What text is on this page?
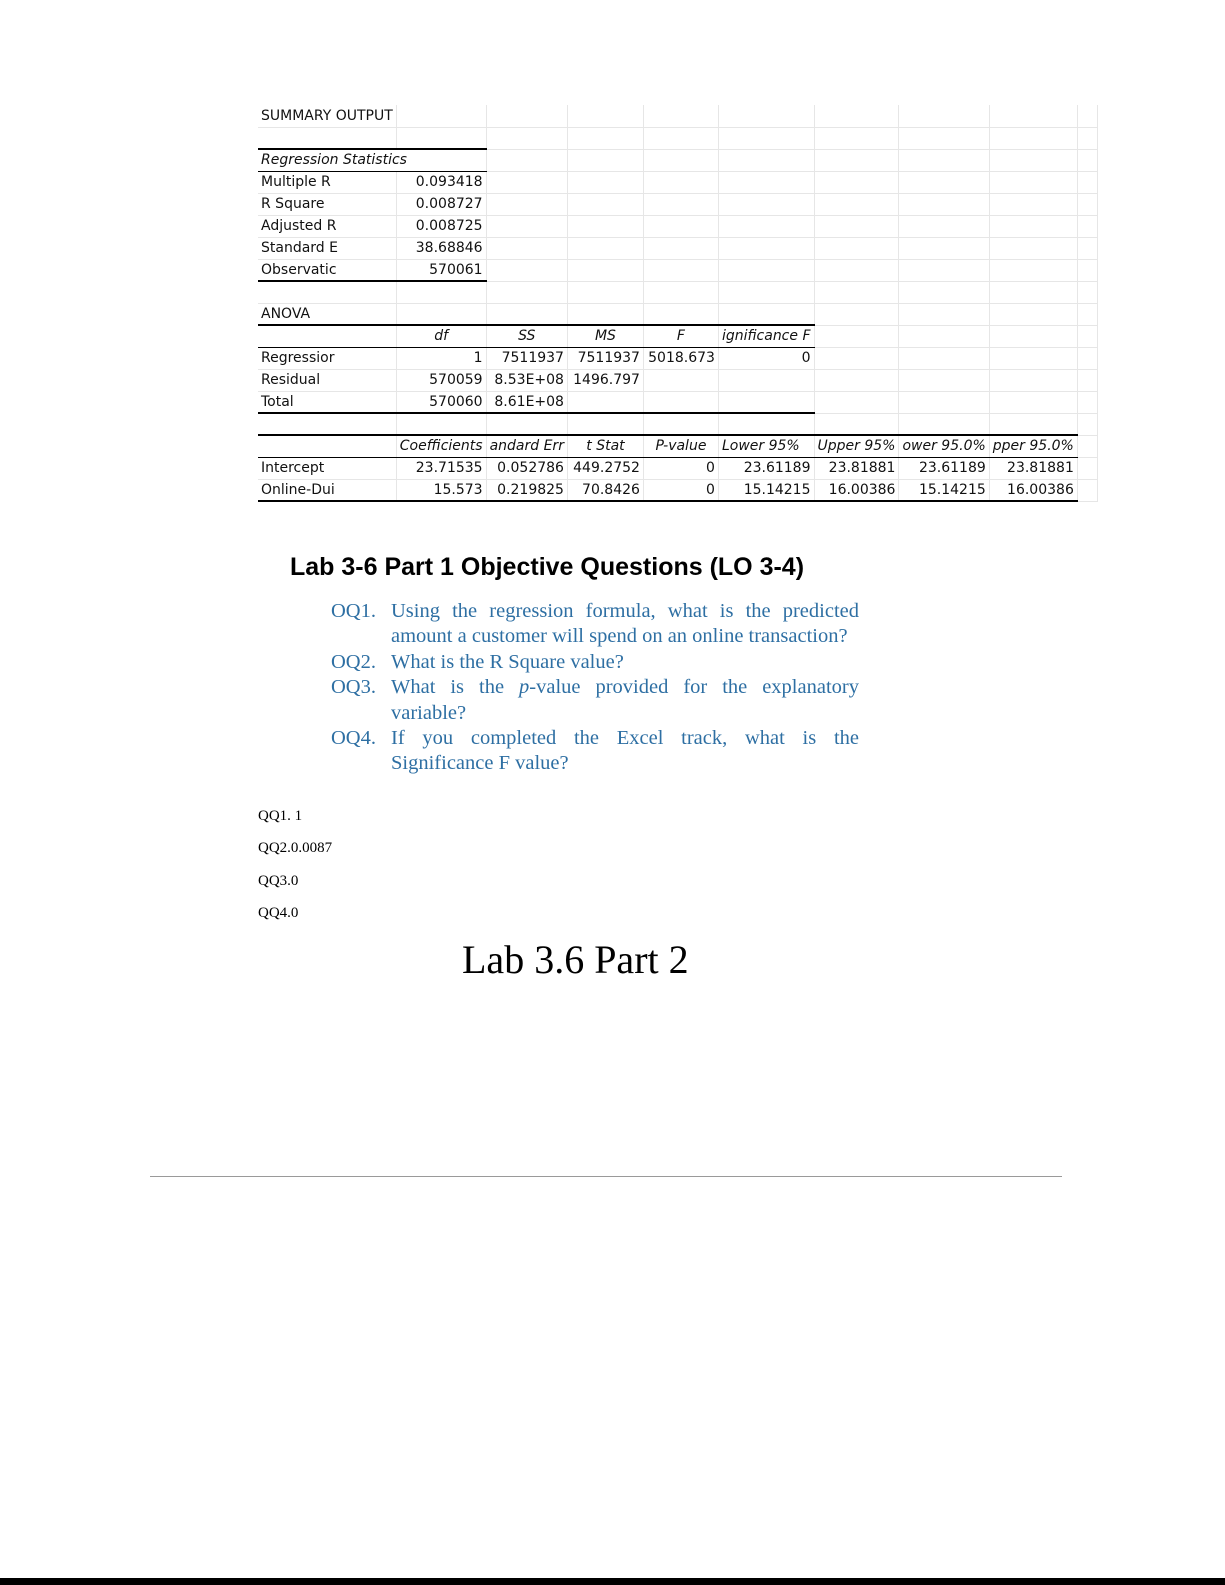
SUMMARY OUTPUT									

Regression Statistics									
Multiple R	0.093418								
R Square	0.008727								
Adjusted R	0.008725								
Standard E	38.68846								
Observatic	570061								

ANOVA									
	df	SS	MS	F	ignificance F				
Regressior	1	7511937	7511937	5018.673	0				
Residual	570059	8.53E+08	1496.797						
Total	570060	8.61E+08							

	Coefficients	andard Err	t Stat	P-value	Lower 95%	Upper 95%	ower 95.0%	pper 95.0%	
Intercept	23.71535	0.052786	449.2752	0	23.61189	23.81881	23.61189	23.81881	
Online-Dui	15.573	0.219825	70.8426	0	15.14215	16.00386	15.14215	16.00386	
Lab 3-6 Part 1 Objective Questions (LO 3-4)
OQ1. Using the regression formula, what is the predicted amount a customer will spend on an online transaction?
OQ2. What is the R Square value?
OQ3. What is the p-value provided for the explanatory variable?
OQ4. If you completed the Excel track, what is the Significance F value?
QQ1. 1
QQ2.0.0087
QQ3.0
QQ4.0
Lab 3.6 Part 2
